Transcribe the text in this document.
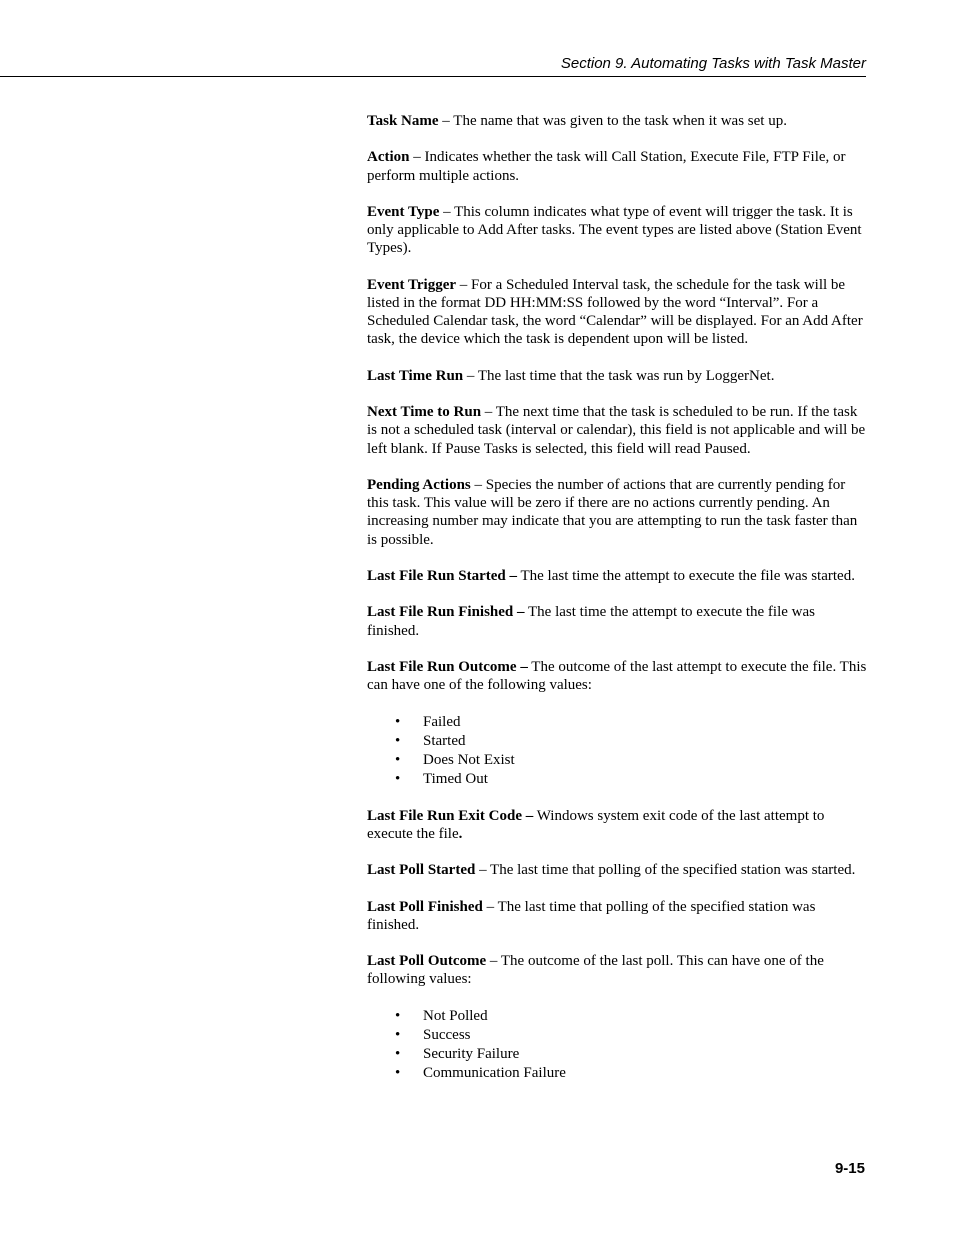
Section 9. Automating Tasks with Task Master

Task Name – The name that was given to the task when it was set up.

Action – Indicates whether the task will Call Station, Execute File, FTP File, or perform multiple actions.

Event Type – This column indicates what type of event will trigger the task. It is only applicable to Add After tasks. The event types are listed above (Station Event Types).

Event Trigger – For a Scheduled Interval task, the schedule for the task will be listed in the format DD HH:MM:SS followed by the word “Interval”. For a Scheduled Calendar task, the word “Calendar” will be displayed. For an Add After task, the device which the task is dependent upon will be listed.

Last Time Run – The last time that the task was run by LoggerNet.

Next Time to Run – The next time that the task is scheduled to be run. If the task is not a scheduled task (interval or calendar), this field is not applicable and will be left blank. If Pause Tasks is selected, this field will read Paused.

Pending Actions – Species the number of actions that are currently pending for this task. This value will be zero if there are no actions currently pending. An increasing number may indicate that you are attempting to run the task faster than is possible.

Last File Run Started – The last time the attempt to execute the file was started.

Last File Run Finished – The last time the attempt to execute the file was finished.

Last File Run Outcome – The outcome of the last attempt to execute the file. This can have one of the following values:

• Failed
• Started
• Does Not Exist
• Timed Out

Last File Run Exit Code – Windows system exit code of the last attempt to execute the file.

Last Poll Started – The last time that polling of the specified station was started.

Last Poll Finished – The last time that polling of the specified station was finished.

Last Poll Outcome – The outcome of the last poll. This can have one of the following values:

• Not Polled
• Success
• Security Failure
• Communication Failure
9-15
